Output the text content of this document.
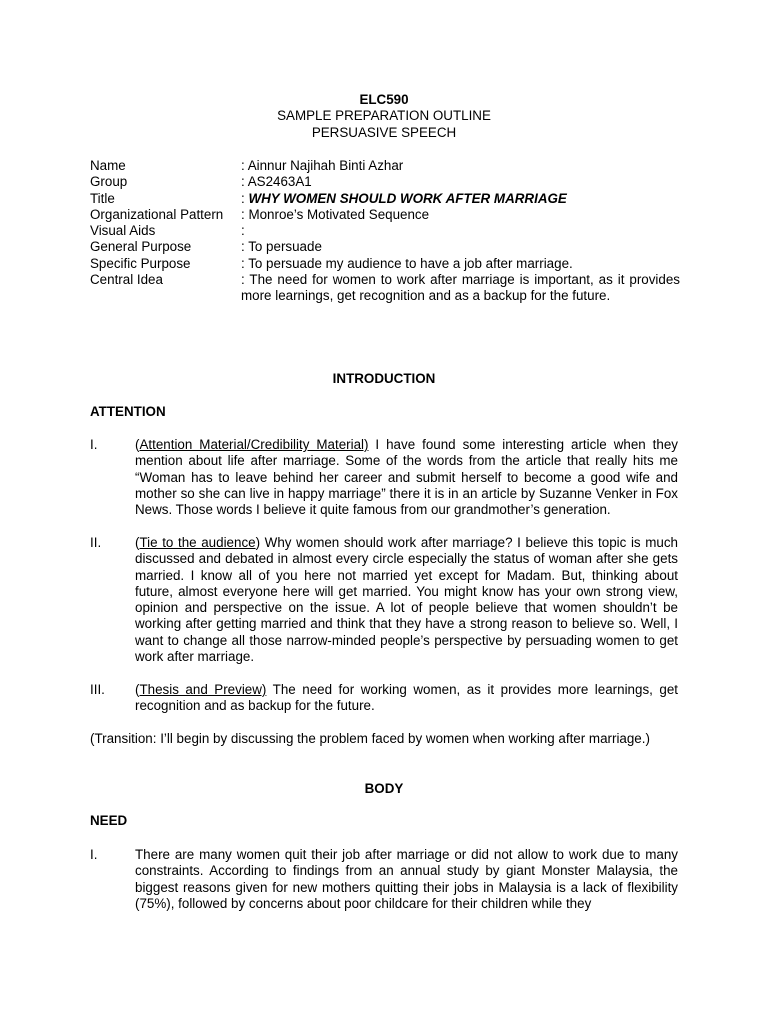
ELC590
SAMPLE PREPARATION OUTLINE
PERSUASIVE SPEECH
Name	: Ainnur Najihah Binti Azhar
Group	: AS2463A1
Title	: WHY WOMEN SHOULD WORK AFTER MARRIAGE
Organizational Pattern	: Monroe’s Motivated Sequence
Visual Aids	:
General Purpose	: To persuade
Specific Purpose	: To persuade my audience to have a job after marriage.
Central Idea	: The need for women to work after marriage is important, as it provides more learnings, get recognition and as a backup for the future.
INTRODUCTION
ATTENTION
I.	(Attention Material/Credibility Material) I have found some interesting article when they mention about life after marriage. Some of the words from the article that really hits me “Woman has to leave behind her career and submit herself to become a good wife and mother so she can live in happy marriage” there it is in an article by Suzanne Venker in Fox News. Those words I believe it quite famous from our grandmother’s generation.
II.	(Tie to the audience) Why women should work after marriage? I believe this topic is much discussed and debated in almost every circle especially the status of woman after she gets married. I know all of you here not married yet except for Madam. But, thinking about future, almost everyone here will get married. You might know has your own strong view, opinion and perspective on the issue. A lot of people believe that women shouldn’t be working after getting married and think that they have a strong reason to believe so. Well, I want to change all those narrow-minded people’s perspective by persuading women to get work after marriage.
III.	(Thesis and Preview) The need for working women, as it provides more learnings, get recognition and as backup for the future.
(Transition: I’ll begin by discussing the problem faced by women when working after marriage.)
BODY
NEED
I.	There are many women quit their job after marriage or did not allow to work due to many constraints. According to findings from an annual study by giant Monster Malaysia, the biggest reasons given for new mothers quitting their jobs in Malaysia is a lack of flexibility (75%), followed by concerns about poor childcare for their children while they
